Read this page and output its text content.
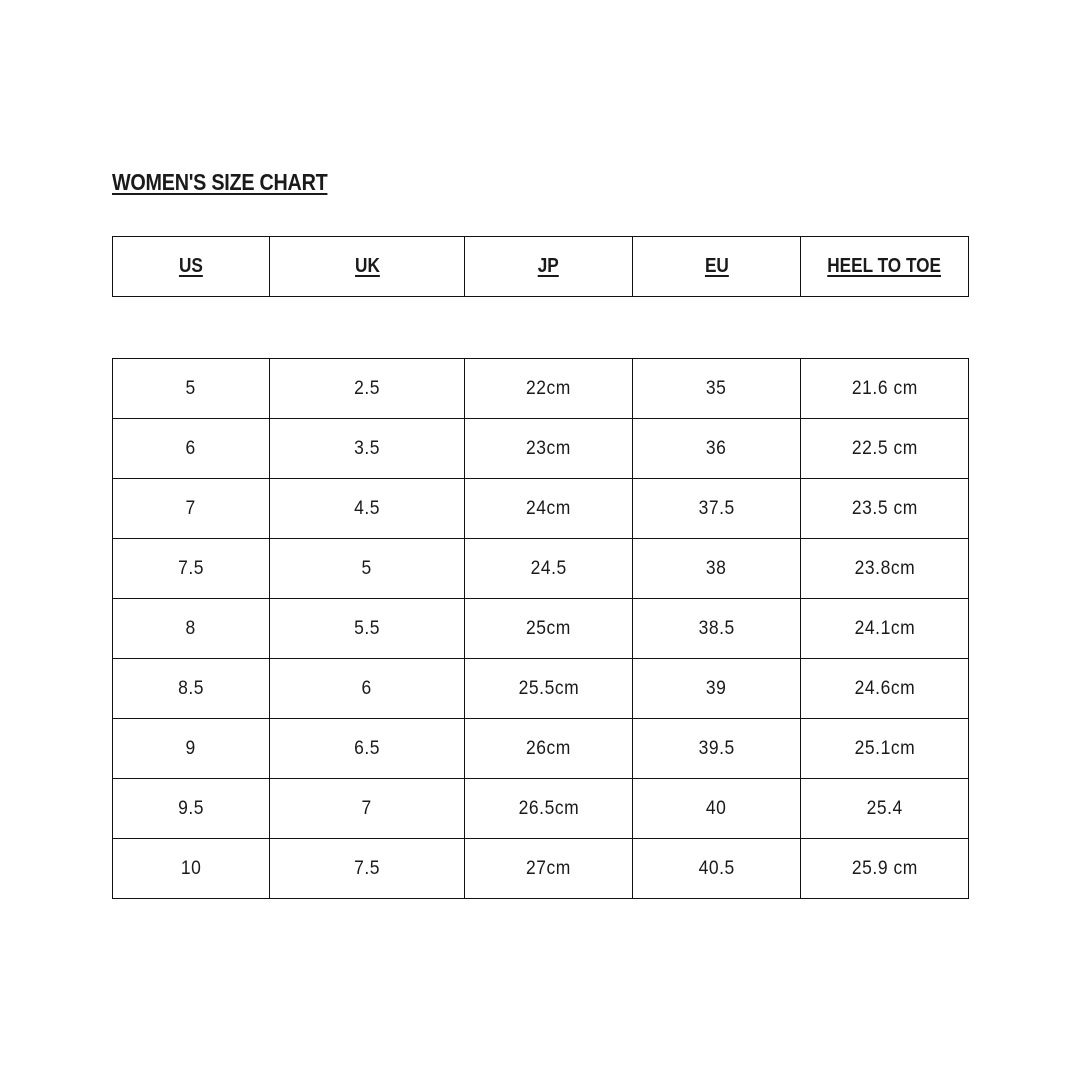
WOMEN'S SIZE CHART
US	UK	JP	EU	HEEL TO TOE
5	2.5	22cm	35	21.6 cm
6	3.5	23cm	36	22.5 cm
7	4.5	24cm	37.5	23.5 cm
7.5	5	24.5	38	23.8cm
8	5.5	25cm	38.5	24.1cm
8.5	6	25.5cm	39	24.6cm
9	6.5	26cm	39.5	25.1cm
9.5	7	26.5cm	40	25.4
10	7.5	27cm	40.5	25.9 cm
